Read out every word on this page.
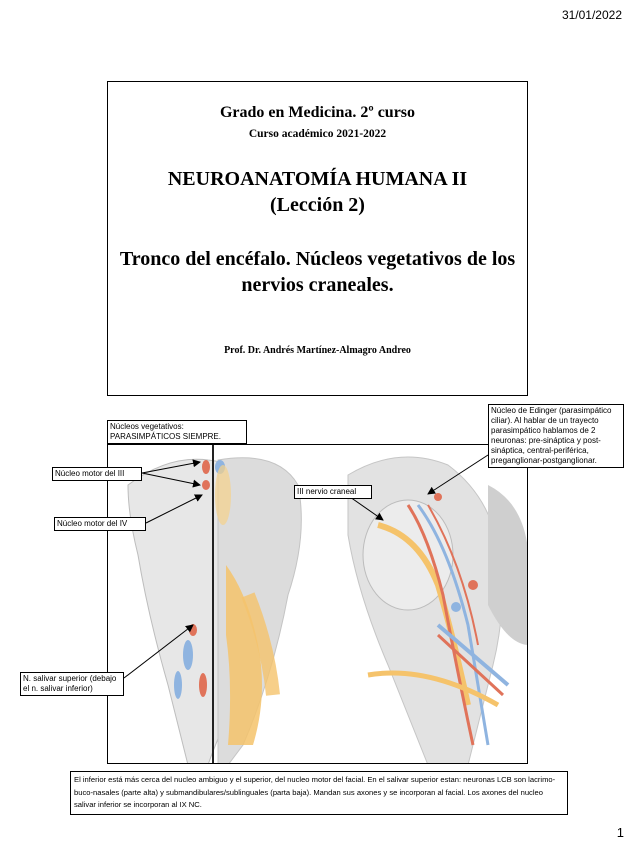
31/01/2022
Grado en Medicina. 2º curso
Curso académico 2021-2022
NEUROANATOMÍA HUMANA II
(Lección 2)
Tronco del encéfalo. Núcleos vegetativos de los nervios craneales.
Prof. Dr. Andrés Martínez-Almagro Andreo
Núcleos vegetativos: PARASIMPÁTICOS SIEMPRE.
Núcleo motor del III
Núcleo motor del IV
N. salivar superior (debajo el n. salivar inferior)
III nervio craneal
Núcleo de Edinger (parasimpático ciliar). Al hablar de un trayecto parasimpático hablamos de 2 neuronas: pre-sináptica y post-sináptica, central-periférica, preganglionar-postganglionar.
El inferior está más cerca del nucleo ambiguo y el superior, del nucleo motor del facial. En el salivar superior estan: neuronas LCB son lacrimo-buco-nasales (parte alta) y submandibulares/sublinguales (parta baja). Mandan sus axones y se incorporan al facial. Los axones del nucleo salivar inferior se incorporan al IX NC.
1
